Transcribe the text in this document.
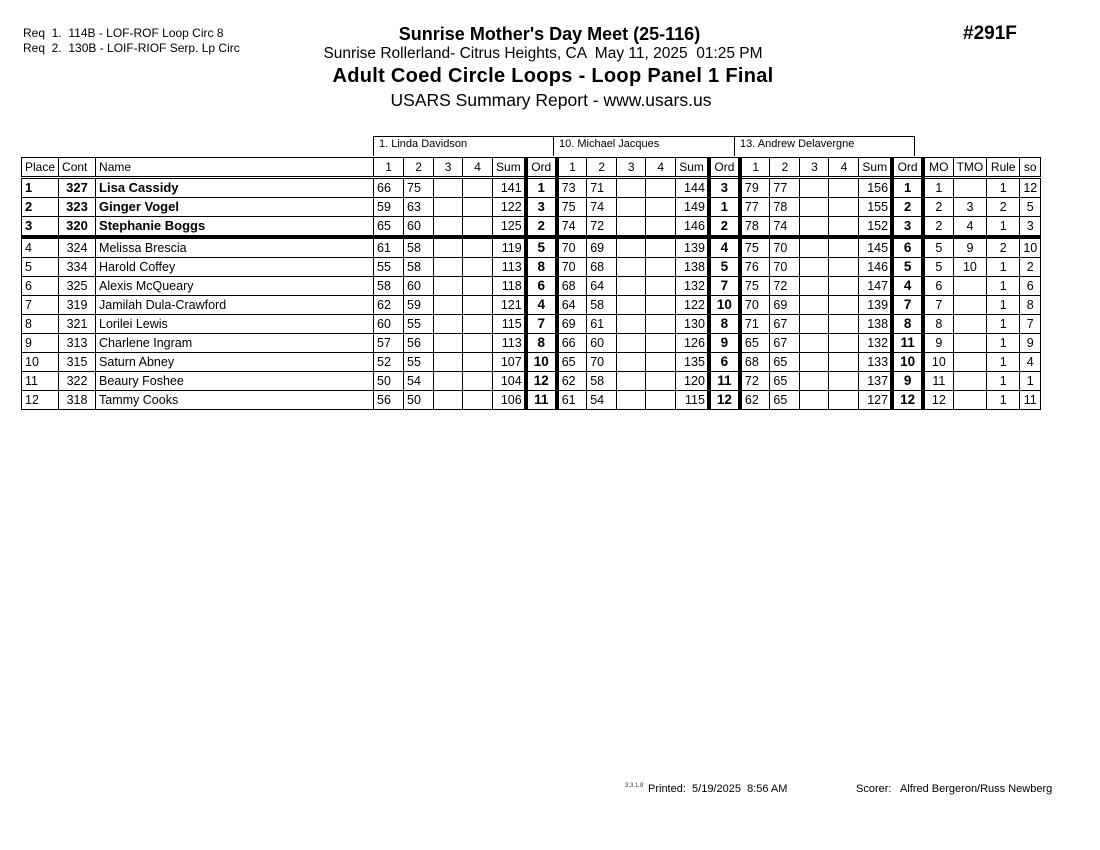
Req  1.  114B - LOF-ROF Loop Circ 8
Req  2.  130B - LOIF-RIOF Serp. Lp Circ
Sunrise Mother's Day Meet (25-116)
Sunrise Rollerland- Citrus Heights, CA  May 11, 2025  01:25 PM
Adult Coed Circle Loops - Loop Panel 1 Final
USARS Summary Report - www.usars.us
#291F
1. Linda Davidson	10. Michael Jacques	13. Andrew Delavergne
Place	Cont	Name	1	2	3	4	Sum	Ord	1	2	3	4	Sum	Ord	1	2	3	4	Sum	Ord	MO	TMO	Rule	so
1	327	Lisa Cassidy	66	75			141	1	73	71			144	3	79	77			156	1	1		1	12
2	323	Ginger Vogel	59	63			122	3	75	74			149	1	77	78			155	2	2	3	2	5
3	320	Stephanie Boggs	65	60			125	2	74	72			146	2	78	74			152	3	2	4	1	3
4	324	Melissa Brescia	61	58			119	5	70	69			139	4	75	70			145	6	5	9	2	10
5	334	Harold Coffey	55	58			113	8	70	68			138	5	76	70			146	5	5	10	1	2
6	325	Alexis McQueary	58	60			118	6	68	64			132	7	75	72			147	4	6		1	6
7	319	Jamilah Dula-Crawford	62	59			121	4	64	58			122	10	70	69			139	7	7		1	8
8	321	Lorilei Lewis	60	55			115	7	69	61			130	8	71	67			138	8	8		1	7
9	313	Charlene Ingram	57	56			113	8	66	60			126	9	65	67			132	11	9		1	9
10	315	Saturn Abney	52	55			107	10	65	70			135	6	68	65			133	10	10		1	4
11	322	Beaury Foshee	50	54			104	12	62	58			120	11	72	65			137	9	11		1	1
12	318	Tammy Cooks	56	50			106	11	61	54			115	12	62	65			127	12	12		1	11
3.3.1.8 Printed:  5/19/2025  8:56 AM	Scorer:   Alfred Bergeron/Russ Newberg
